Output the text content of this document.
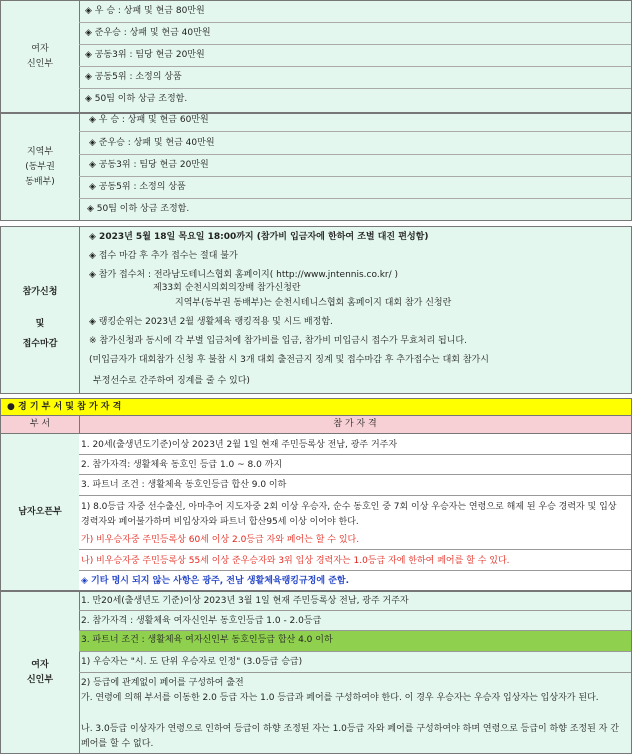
여자
신인부
◈ 우 승 : 상패 및 현금 80만원
◈ 준우승 : 상패 및 현금 40만원
◈ 공동3위 : 팀당 현금 20만원
◈ 공동5위 : 소정의 상품
◈ 50팀 이하 상금 조정함.
지역부
(동부권
동배부)
◈ 우 승 : 상패 및 현금 60만원
◈ 준우승 : 상패 및 현금 40만원
◈ 공동3위 : 팀당 현금 20만원
◈ 공동5위 : 소정의 상품
◈ 50팀 이하 상금 조정함.
참가신청
및
접수마감
◈ 2023년 5월 18일 목요일 18:00까지 (참가비 입금자에 한하여 조별 대진 편성함)
◈ 접수 마감 후 추가 접수는 절대 불가
◈ 참가 접수처 : 전라남도테니스협회 홈페이지( http://www.jntennis.co.kr/ )
제33회 순천시의회의장배 참가신청란
지역부(동부권 동배부)는 순천시테니스협회 홈페이지 대회 참가 신청란
◈ 랭킹순위는 2023년 2월 생활체육 랭킹적용 및 시드 배정함.
※ 참가신청과 동시에 각 부별 입금처에 참가비를 입금, 참가비 미입금시 접수가 무효처리 됩니다.
(미입금자가 대회참가 신청 후 불참 시 3개 대회 출전금지 징계 및 접수마감 후 추가접수는 대회 참가시
부정선수로 간주하여 징계를 줄 수 있다)
● 경 기 부 서 및 참 가 자 격
부 서	참 가 자 격
남자오픈부
1. 20세(출생년도기준)이상 2023년 2월 1일 현재 주민등록상 전남, 광주 거주자
2. 참가자격: 생활체육 동호인 등급 1.0 ~ 8.0 까지
3. 파트너 조건 : 생활체육 동호인등급 합산 9.0 이하
1) 8.0등급 자중 선수출신, 아마추어 지도자중 2회 이상 우승자, 순수 동호인 중 7회 이상 우승자는 연령으로 해제 된 우승 경력자 및 입상경력자와 페어불가하며 비입상자와 파트너 합산95세 이상 이어야 한다.
가) 비우승자중 주민등록상 60세 이상 2.0등급 자와 페어는 할 수 있다.
나) 비우승자중 주민등록상 55세 이상 준우승자와 3위 입상 경력자는 1.0등급 자에 한하여 페어를 할 수 있다.
◈ 기타 명시 되지 않는 사항은 광주, 전남 생활체육랭킹규정에 준함.
여자
신인부
1. 만20세(출생년도 기준)이상 2023년 3월 1일 현재 주민등록상 전남, 광주 거주자
2. 참가자격 : 생활체육 여자신인부 동호인등급 1.0 - 2.0등급
3. 파트너 조건 : 생활체육 여자신인부 동호인등급 합산 4.0 이하
1) 우승자는 "시. 도 단위 우승자로 인정" (3.0등급 승급)
2) 등급에 관계없이 페어를 구성하여 출전
가. 연령에 의해 부서를 이동한 2.0 등급 자는 1.0 등급과 페어를 구성하여야 한다. 이 경우 우승자는 우승자 입상자는 입상자가 된다.
나. 3.0등급 이상자가 연령으로 인하여 등급이 하향 조정된 자는 1.0등급 자와 페어를 구성하여야 하며 연령으로 등급이 하향 조정된 자 간 페어를 할 수 없다.
